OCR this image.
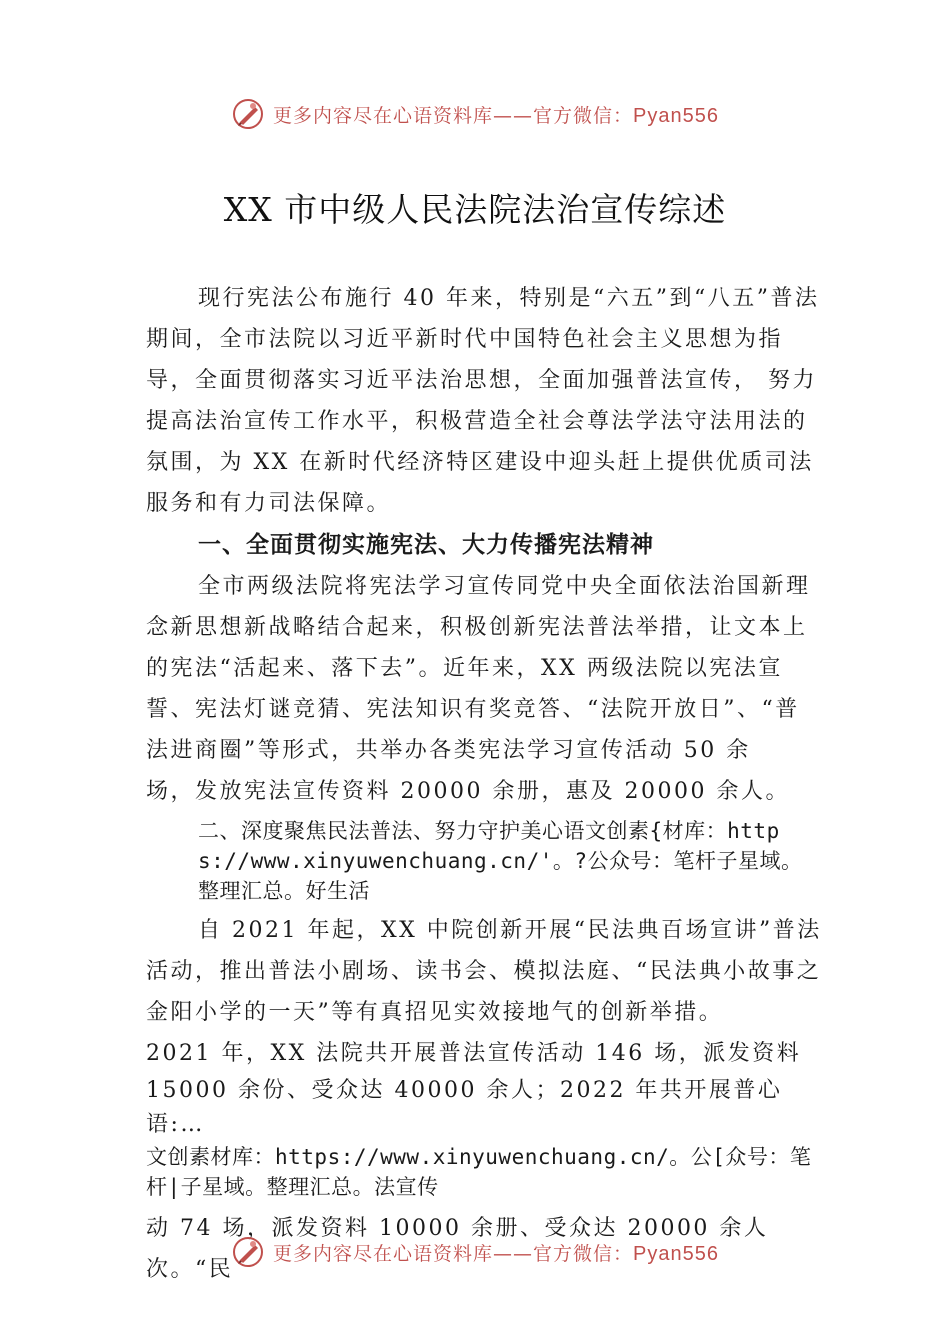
更多内容尽在心语资料库——官方微信：Pyan556
XX 市中级人民法院法治宣传综述

现行宪法公布施行 40 年来，特别是“六五”到“八五”普法期间，全市法院以习近平新时代中国特色社会主义思想为指导，全面贯彻落实习近平法治思想，全面加强普法宣传， 努力提高法治宣传工作水平，积极营造全社会尊法学法守法用法的氛围，为 XX 在新时代经济特区建设中迎头赶上提供优质司法服务和有力司法保障。

一、全面贯彻实施宪法、大力传播宪法精神

全市两级法院将宪法学习宣传同党中央全面依法治国新理念新思想新战略结合起来，积极创新宪法普法举措，让文本上的宪法“活起来、落下去”。近年来，XX 两级法院以宪法宣誓、宪法灯谜竞猜、宪法知识有奖竞答、“法院开放日”、“普法进商圈”等形式，共举办各类宪法学习宣传活动 50 余

场，发放宪法宣传资料 20000 余册，惠及 20000 余人。

二、深度聚焦民法普法、努力守护美心语文创素{材库：https://www.xinyuwenchuang.cn/'。?公众号：笔杆子星域。整理汇总。好生活

自 2021 年起，XX 中院创新开展“民法典百场宣讲”普法活动，推出普法小剧场、读书会、模拟法庭、“民法典小故事之金阳小学的一天”等有真招见实效接地气的创新举措。

2021 年，XX 法院共开展普法宣传活动 146 场，派发资料

15000 余份、受众达 40000 余人；2022 年共开展普心语:…

文创素材库：https://www.xinyuwenchuang.cn/。公[众号：笔杆|子星域。整理汇总。法宣传

动 74 场，派发资料 10000 余册、受众达 20000 余人次。“民

更多内容尽在心语资料库——官方微信：Pyan556
